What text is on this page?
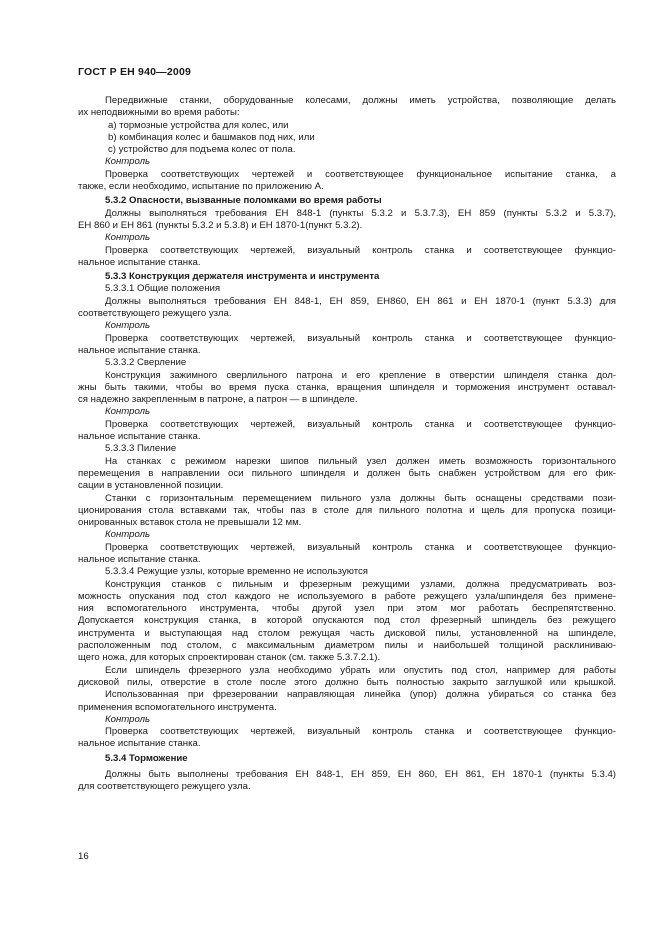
ГОСТ Р ЕН 940—2009
Передвижные станки, оборудованные колесами, должны иметь устройства, позволяющие делать
их неподвижными во время работы:
а) тормозные устройства для колес, или
b) комбинация колес и башмаков под них, или
c) устройство для подъема колес от пола.
Контроль
Проверка соответствующих чертежей и соответствующее функциональное испытание станка, а
также, если необходимо, испытание по приложению А.
5.3.2 Опасности, вызванные поломками во время работы
Должны выполняться требования ЕН 848-1 (пункты 5.3.2 и 5.3.7.3), ЕН 859 (пункты 5.3.2 и 5.3.7),
ЕН 860 и ЕН 861 (пункты 5.3.2 и 5.3.8) и ЕН 1870-1(пункт 5.3.2).
Контроль
Проверка соответствующих чертежей, визуальный контроль станка и соответствующее функцио-
нальное испытание станка.
5.3.3 Конструкция держателя инструмента и инструмента
5.3.3.1 Общие положения
Должны выполняться требования ЕН 848-1, ЕН 859, ЕН860, ЕН 861 и ЕН 1870-1 (пункт 5.3.3) для
соответствующего режущего узла.
Контроль
Проверка соответствующих чертежей, визуальный контроль станка и соответствующее функцио-
нальное испытание станка.
5.3.3.2 Сверление
Конструкция зажимного сверлильного патрона и его крепление в отверстии шпинделя станка дол-
жны быть такими, чтобы во время пуска станка, вращения шпинделя и торможения инструмент оставал-
ся надежно закрепленным в патроне, а патрон — в шпинделе.
Контроль
Проверка соответствующих чертежей, визуальный контроль станка и соответствующее функцио-
нальное испытание станка.
5.3.3.3 Пиление
На станках с режимом нарезки шипов пильный узел должен иметь возможность горизонтального
перемещения в направлении оси пильного шпинделя и должен быть снабжен устройством для его фик-
сации в установленной позиции.
Станки с горизонтальным перемещением пильного узла должны быть оснащены средствами пози-
ционирования стола вставками так, чтобы паз в столе для пильного полотна и щель для пропуска позици-
онированных вставок стола не превышали 12 мм.
Контроль
Проверка соответствующих чертежей, визуальный контроль станка и соответствующее функцио-
нальное испытание станка.
5.3.3.4 Режущие узлы, которые временно не используются
Конструкция станков с пильным и фрезерным режущими узлами, должна предусматривать воз-
можность опускания под стол каждого не используемого в работе режущего узла/шпинделя без примене-
ния вспомогательного инструмента, чтобы другой узел при этом мог работать беспрепятственно.
Допускается конструкция станка, в которой опускаются под стол фрезерный шпиндель без режущего
инструмента и выступающая над столом режущая часть дисковой пилы, установленной на шпинделе,
расположенным под столом, с максимальным диаметром пилы и наибольшей толщиной расклиниваю-
щего ножа, для которых спроектирован станок (см. также 5.3.7.2.1).
Если шпиндель фрезерного узла необходимо убрать или опустить под стол, например для работы
дисковой пилы, отверстие в столе после этого должно быть полностью закрыто заглушкой или крышкой.
Использованная при фрезеровании направляющая линейка (упор) должна убираться со станка без
применения вспомогательного инструмента.
Контроль
Проверка соответствующих чертежей, визуальный контроль станка и соответствующее функцио-
нальное испытание станка.
5.3.4 Торможение
Должны быть выполнены требования ЕН 848-1, ЕН 859, ЕН 860, ЕН 861, ЕН 1870-1 (пункты 5.3.4)
для соответствующего режущего узла.
16
